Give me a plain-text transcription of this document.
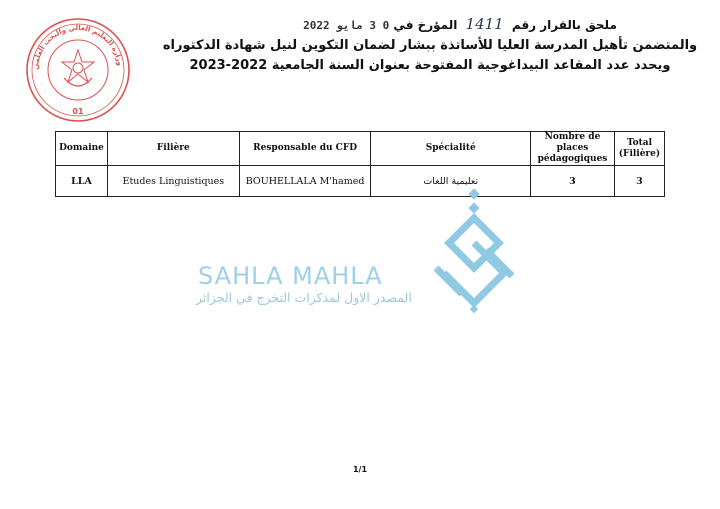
وزارة التعليم العالي والبحث العلمي
01
ملحق بالقرار رقم 1411 المؤرخ في 0 3 مايو 2022
والمتضمن تأهيل المدرسة العليا للأساتذة ببشار لضمان التكوين لنيل شهادة الدكتوراه
ويحدد عدد المقاعد البيداغوجية المفتوحة بعنوان السنة الجامعية 2022-2023
Domaine	Filière	Responsable du CFD	Spécialité	Nombre de places pédagogiques	Total (Filière)
LLA	Etudes Linguistiques	BOUHELLALA M'hamed	تعليمية اللغات	3	3
SAHLA MAHLA
المصدر الاول لمذكرات التخرج في الجزائر
1/1
